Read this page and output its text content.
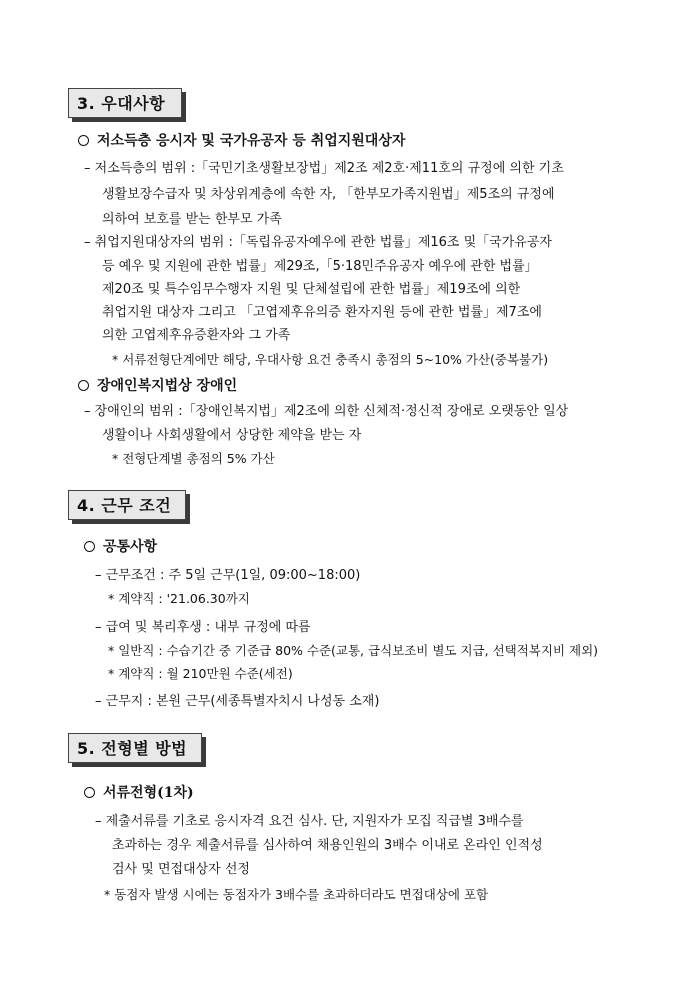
3. 우대사항
저소득층 응시자 및 국가유공자 등 취업지원대상자
– 저소득층의 범위 :「국민기초생활보장법」제2조 제2호·제11호의 규정에 의한 기초
생활보장수급자 및 차상위계층에 속한 자, 「한부모가족지원법」제5조의 규정에
의하여 보호를 받는 한부모 가족
– 취업지원대상자의 범위 :「독립유공자예우에 관한 법률」제16조 및「국가유공자
등 예우 및 지원에 관한 법률」제29조,「5·18민주유공자 예우에 관한 법률」
제20조 및 특수임무수행자 지원 및 단체설립에 관한 법률」제19조에 의한
취업지원 대상자 그리고 「고엽제후유의증 환자지원 등에 관한 법률」제7조에
의한 고엽제후유증환자와 그 가족
* 서류전형단계에만 해당, 우대사항 요건 충족시 총점의 5~10% 가산(중복불가)
장애인복지법상 장애인
– 장애인의 범위 :「장애인복지법」제2조에 의한 신체적·정신적 장애로 오랫동안 일상
생활이나 사회생활에서 상당한 제약을 받는 자
* 전형단계별 총점의 5% 가산
4. 근무 조건
공통사항
– 근무조건 : 주 5일 근무(1일, 09:00~18:00)
* 계약직 : '21.06.30까지
– 급여 및 복리후생 : 내부 규정에 따름
* 일반직 : 수습기간 중 기준급 80% 수준(교통, 급식보조비 별도 지급, 선택적복지비 제외)
* 계약직 : 월 210만원 수준(세전)
– 근무지 : 본원 근무(세종특별자치시 나성동 소재)
5. 전형별 방법
서류전형(1차)
– 제출서류를 기초로 응시자격 요건 심사. 단, 지원자가 모집 직급별 3배수를
초과하는 경우 제출서류를 심사하여 채용인원의 3배수 이내로 온라인 인적성
검사 및 면접대상자 선정
* 동점자 발생 시에는 동점자가 3배수를 초과하더라도 면접대상에 포함
